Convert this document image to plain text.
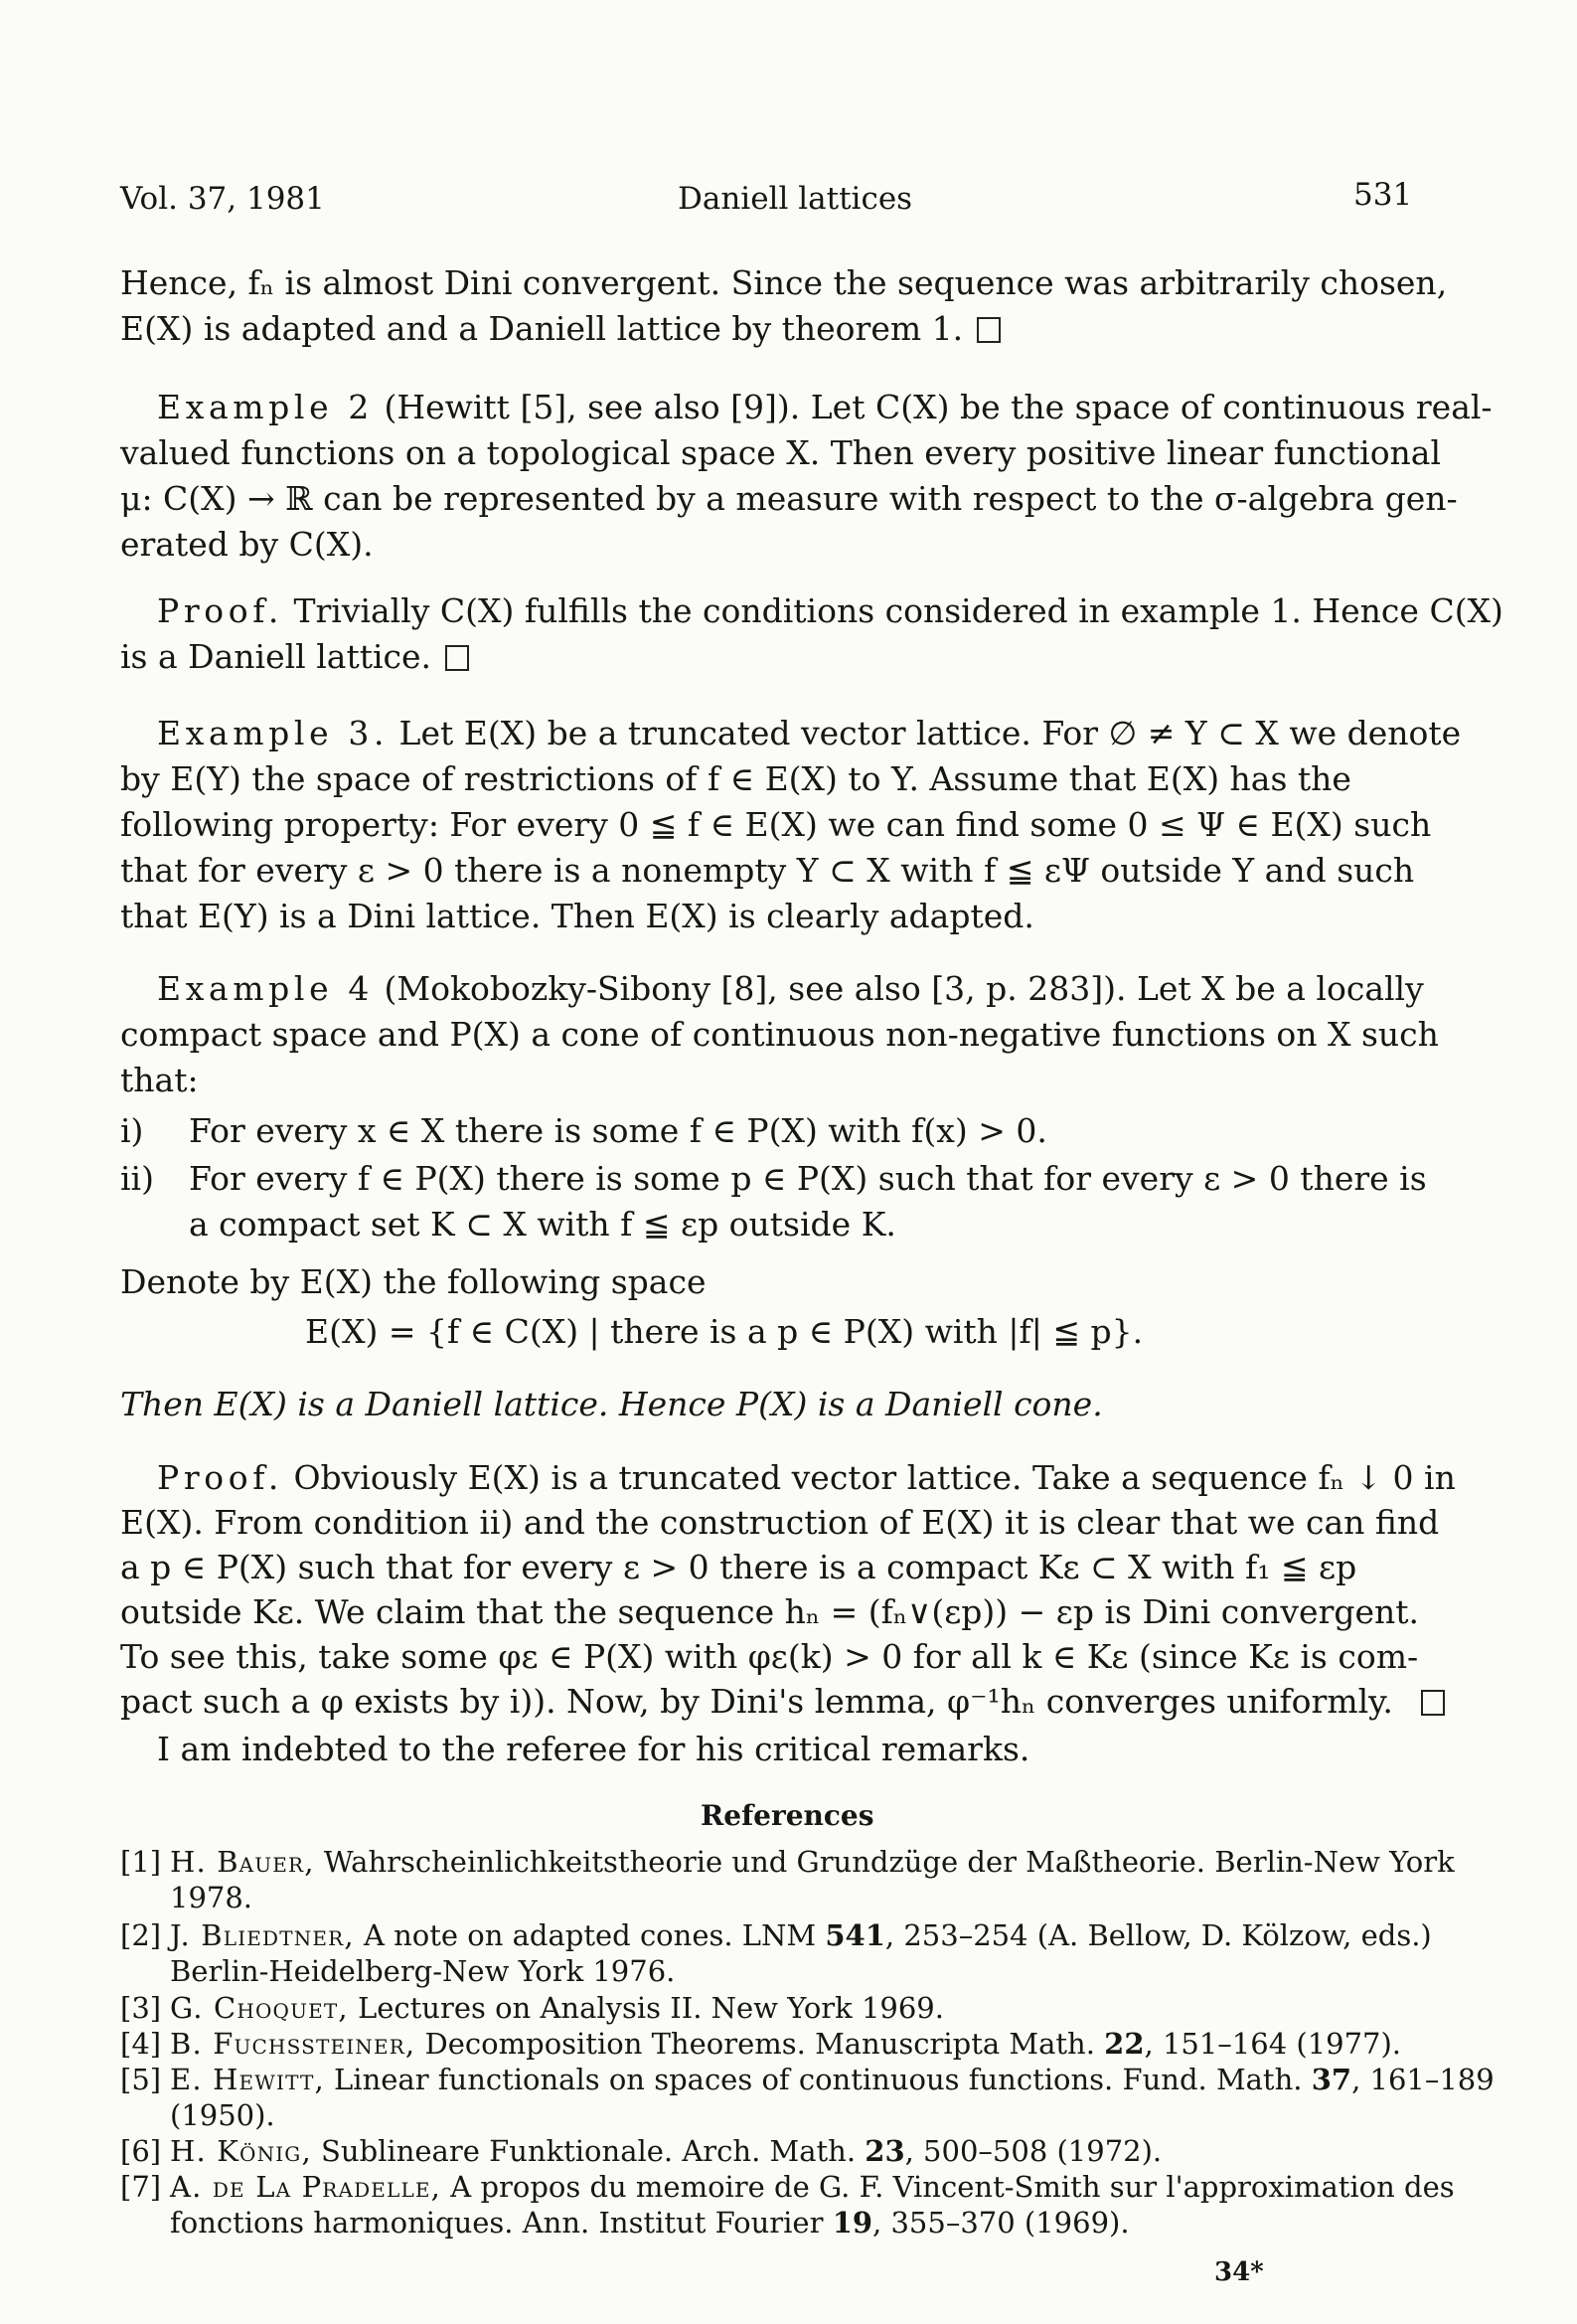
Vol. 37, 1981	Daniell lattices	531
Hence, fₙ is almost Dini convergent. Since the sequence was arbitrarily chosen,
E(X) is adapted and a Daniell lattice by theorem 1.
Example 2 (Hewitt [5], see also [9]). Let C(X) be the space of continuous real-
valued functions on a topological space X. Then every positive linear functional
μ: C(X) → ℝ can be represented by a measure with respect to the σ-algebra gen-
erated by C(X).
Proof. Trivially C(X) fulfills the conditions considered in example 1. Hence C(X)
is a Daniell lattice.
Example 3. Let E(X) be a truncated vector lattice. For ∅ ≠ Y ⊂ X we denote
by E(Y) the space of restrictions of f ∈ E(X) to Y. Assume that E(X) has the
following property: For every 0 ≦ f ∈ E(X) we can find some 0 ≤ Ψ ∈ E(X) such
that for every ε > 0 there is a nonempty Y ⊂ X with f ≦ εΨ outside Y and such
that E(Y) is a Dini lattice. Then E(X) is clearly adapted.
Example 4 (Mokobozky-Sibony [8], see also [3, p. 283]). Let X be a locally
compact space and P(X) a cone of continuous non-negative functions on X such
that:
i) For every x ∈ X there is some f ∈ P(X) with f(x) > 0.
ii) For every f ∈ P(X) there is some p ∈ P(X) such that for every ε > 0 there is
a compact set K ⊂ X with f ≦ εp outside K.
Denote by E(X) the following space
E(X) = {f ∈ C(X) | there is a p ∈ P(X) with |f| ≦ p}.
Then E(X) is a Daniell lattice. Hence P(X) is a Daniell cone.
Proof. Obviously E(X) is a truncated vector lattice. Take a sequence fₙ ↓ 0 in
E(X). From condition ii) and the construction of E(X) it is clear that we can find
a p ∈ P(X) such that for every ε > 0 there is a compact Kε ⊂ X with f₁ ≦ εp
outside Kε. We claim that the sequence hₙ = (fₙ∨(εp)) − εp is Dini convergent.
To see this, take some φε ∈ P(X) with φε(k) > 0 for all k ∈ Kε (since Kε is com-
pact such a φ exists by i)). Now, by Dini's lemma, φ⁻¹hₙ converges uniformly.
I am indebted to the referee for his critical remarks.
References
[1] H. Bauer, Wahrscheinlichkeitstheorie und Grundzüge der Maßtheorie. Berlin-New York
1978.
[2] J. Bliedtner, A note on adapted cones. LNM 541, 253–254 (A. Bellow, D. Kölzow, eds.)
Berlin-Heidelberg-New York 1976.
[3] G. Choquet, Lectures on Analysis II. New York 1969.
[4] B. Fuchssteiner, Decomposition Theorems. Manuscripta Math. 22, 151–164 (1977).
[5] E. Hewitt, Linear functionals on spaces of continuous functions. Fund. Math. 37, 161–189
(1950).
[6] H. König, Sublineare Funktionale. Arch. Math. 23, 500–508 (1972).
[7] A. de La Pradelle, A propos du memoire de G. F. Vincent-Smith sur l'approximation des
fonctions harmoniques. Ann. Institut Fourier 19, 355–370 (1969).
34*
